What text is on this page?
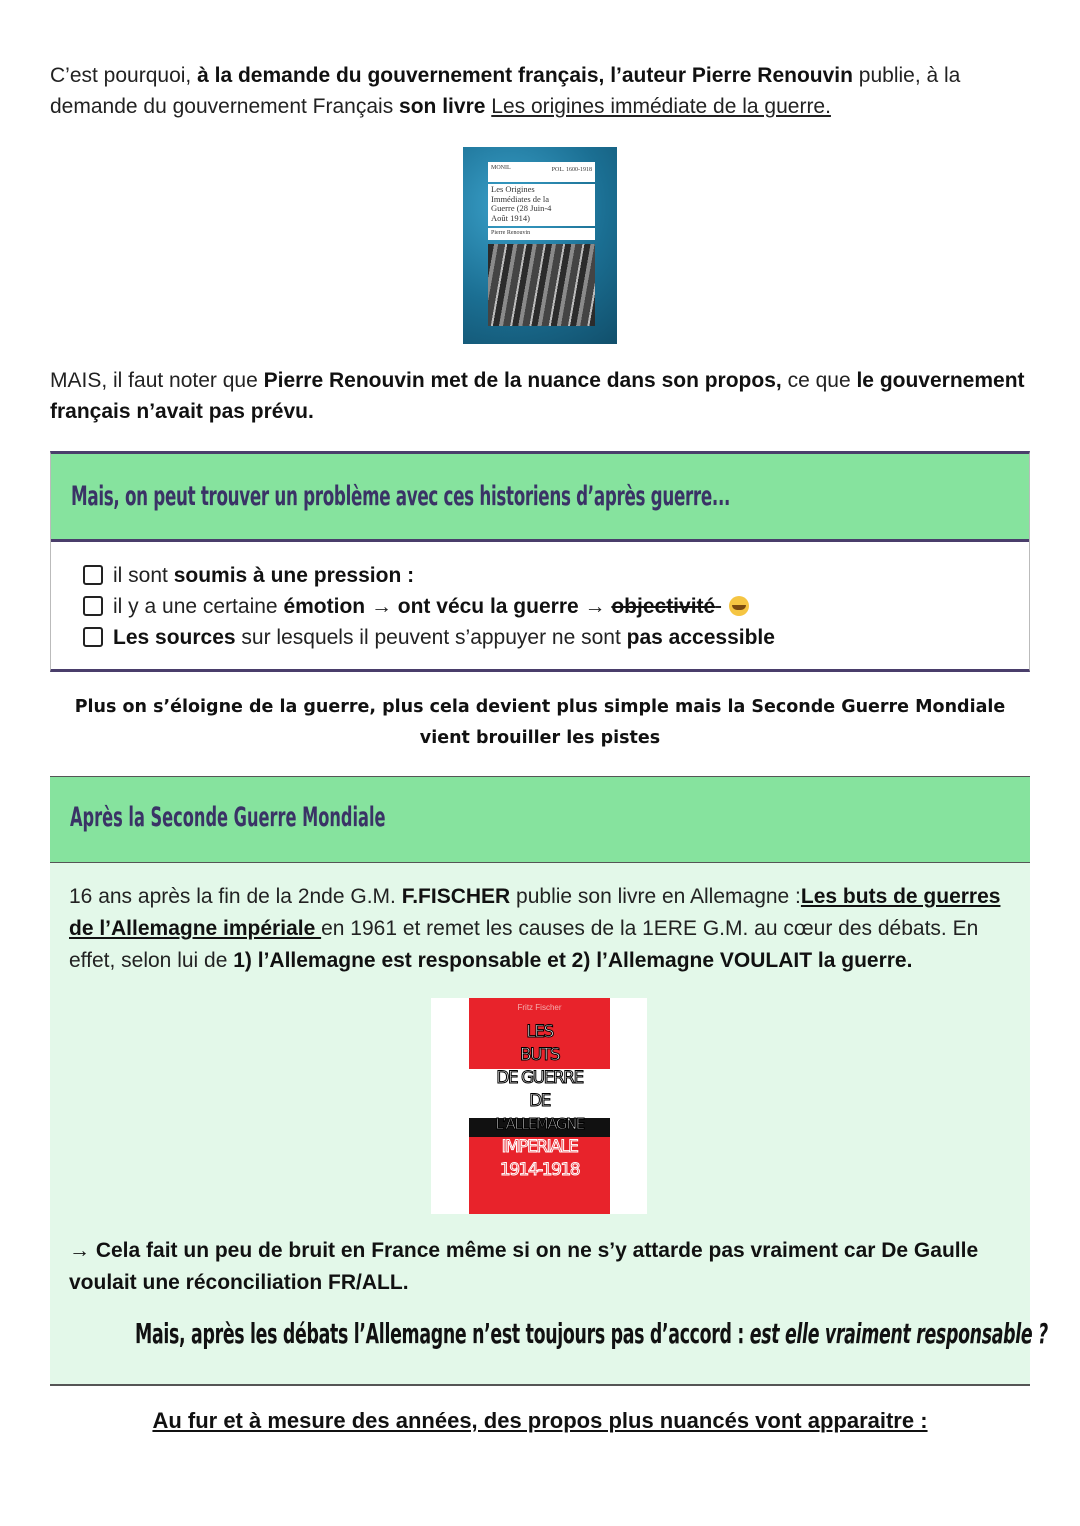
C’est pourquoi, à la demande du gouvernement français, l’auteur Pierre Renouvin publie, à la
demande du gouvernement Français son livre Les origines immédiate de la guerre.
MONIL	POL. 1600-1918
Les Origines
Immédiates de la
Guerre (28 Juin-4
Août 1914)
Pierre Renouvin
MAIS, il faut noter que Pierre Renouvin met de la nuance dans son propos, ce que le gouvernement
français n’avait pas prévu.
Mais, on peut trouver un problème avec ces historiens d’après guerre...
il sont soumis à une pression :
il y a une certaine émotion → ont vécu la guerre → objectivité
Les sources sur lesquels il peuvent s’appuyer ne sont pas accessible
Plus on s’éloigne de la guerre, plus cela devient plus simple mais la Seconde Guerre Mondiale
vient brouiller les pistes
Après la Seconde Guerre Mondiale
16 ans après la fin de la 2nde G.M. F.FISCHER publie son livre en Allemagne :Les buts de guerres
de l’Allemagne impériale en 1961 et remet les causes de la 1ERE G.M. au cœur des débats. En
effet, selon lui de 1) l’Allemagne est responsable et 2) l’Allemagne VOULAIT la guerre.
Fritz Fischer
LES
BUTS
DE GUERRE
DE
L’ALLEMAGNE
IMPERIALE
1914-1918
→ Cela fait un peu de bruit en France même si on ne s’y attarde pas vraiment car De Gaulle
voulait une réconciliation FR/ALL.
Mais, après les débats l’Allemagne n’est toujours pas d’accord : est elle vraiment responsable ?
Au fur et à mesure des années, des propos plus nuancés vont apparaitre :
